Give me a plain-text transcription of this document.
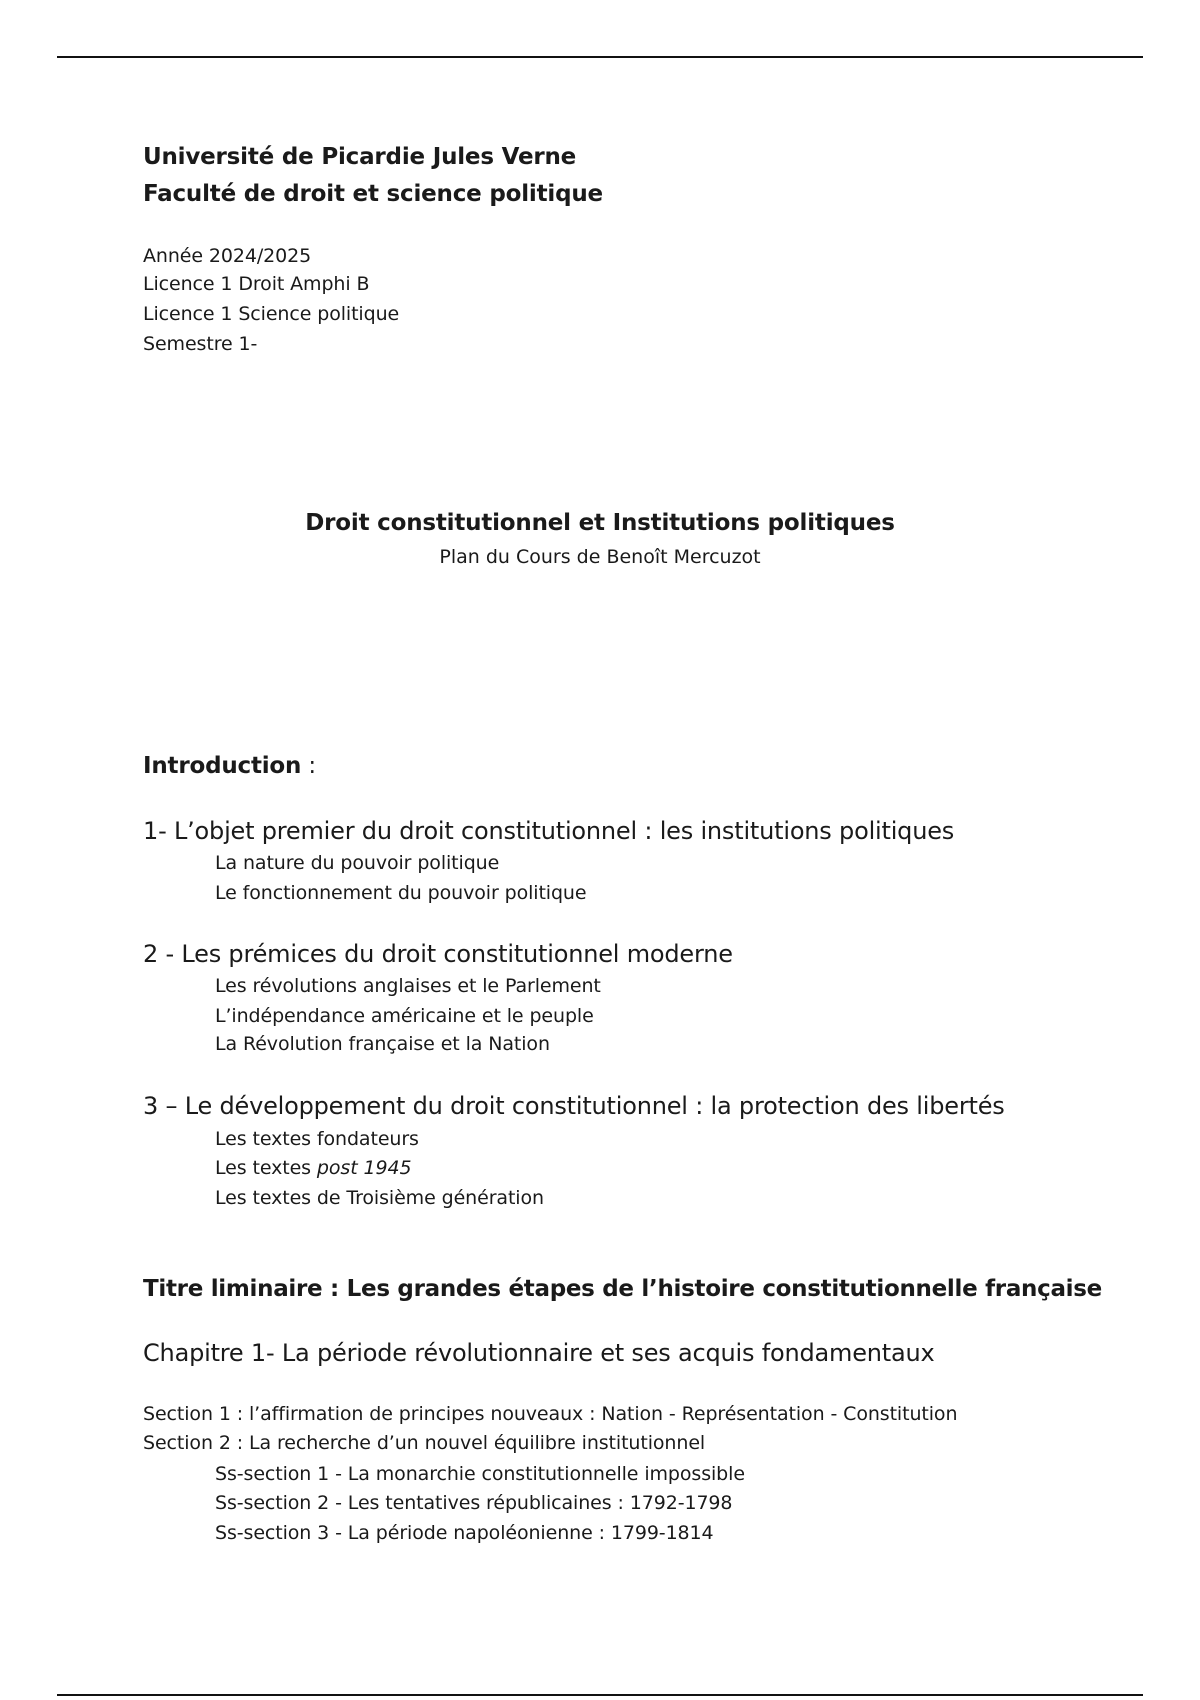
Université de Picardie Jules Verne
Faculté de droit et science politique
Année 2024/2025
Licence 1 Droit Amphi B
Licence 1 Science politique
Semestre 1-
Droit constitutionnel et Institutions politiques
Plan du Cours de Benoît Mercuzot
Introduction :
1- L’objet premier du droit constitutionnel : les institutions politiques
La nature du pouvoir politique
Le fonctionnement du pouvoir politique
2 - Les prémices du droit constitutionnel moderne
Les révolutions anglaises et le Parlement
L’indépendance américaine et le peuple
La Révolution française et la Nation
3 – Le développement du droit constitutionnel : la protection des libertés
Les textes fondateurs
Les textes post 1945
Les textes de Troisième génération
Titre liminaire : Les grandes étapes de l’histoire constitutionnelle française
Chapitre 1- La période révolutionnaire et ses acquis fondamentaux
Section 1 : l’affirmation de principes nouveaux : Nation - Représentation - Constitution
Section 2 : La recherche d’un nouvel équilibre institutionnel
Ss-section 1 - La monarchie constitutionnelle impossible
Ss-section 2 - Les tentatives républicaines : 1792-1798
Ss-section 3 - La période napoléonienne : 1799-1814
